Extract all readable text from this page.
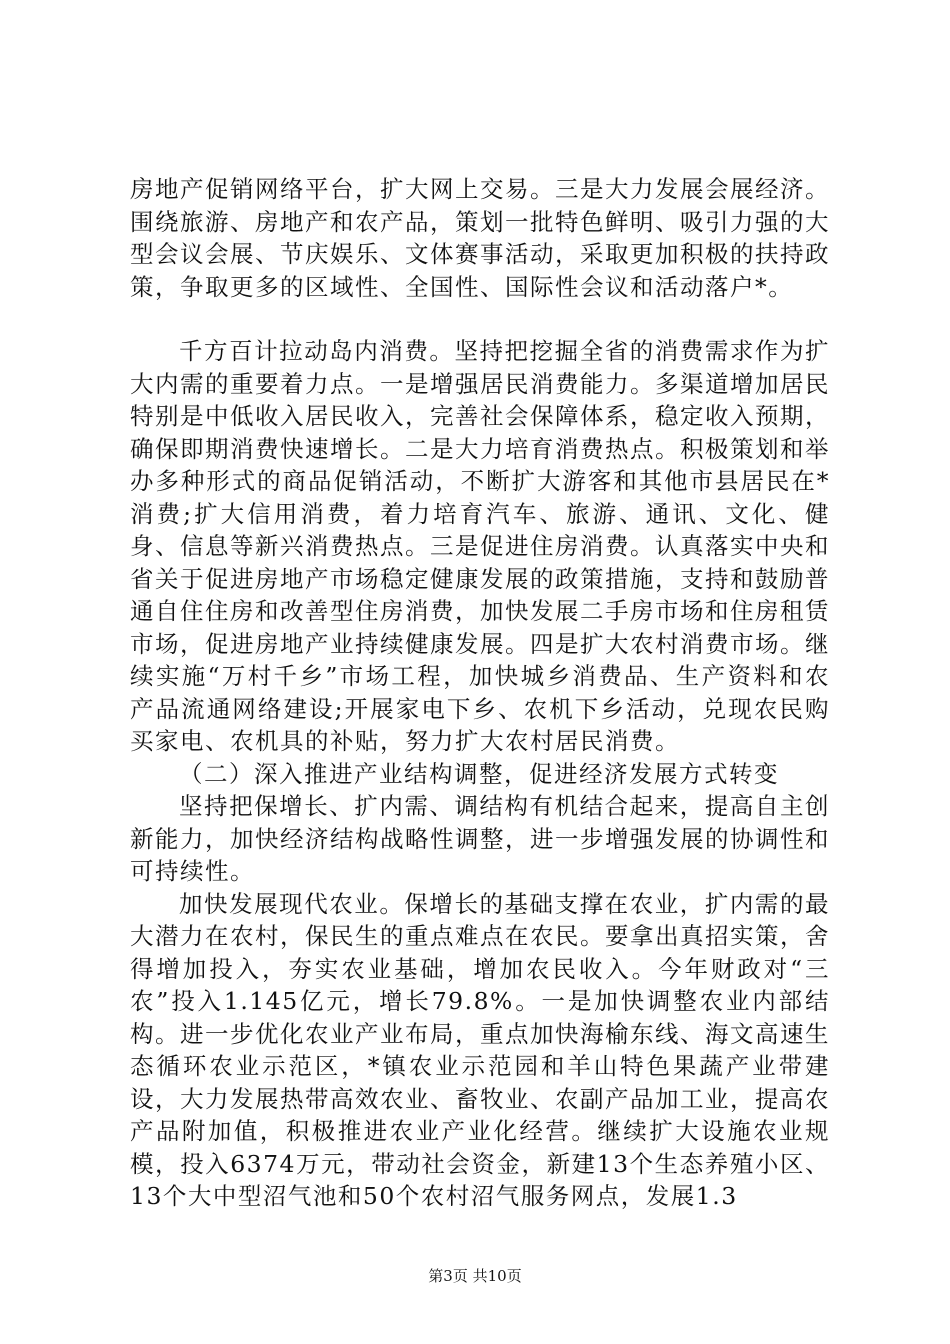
房地产促销网络平台，扩大网上交易。三是大力发展会展经济。围绕旅游、房地产和农产品，策划一批特色鲜明、吸引力强的大型会议会展、节庆娱乐、文体赛事活动，采取更加积极的扶持政策，争取更多的区域性、全国性、国际性会议和活动落户*。

千方百计拉动岛内消费。坚持把挖掘全省的消费需求作为扩大内需的重要着力点。一是增强居民消费能力。多渠道增加居民特别是中低收入居民收入，完善社会保障体系，稳定收入预期，确保即期消费快速增长。二是大力培育消费热点。积极策划和举办多种形式的商品促销活动，不断扩大游客和其他市县居民在*消费;扩大信用消费，着力培育汽车、旅游、通讯、文化、健身、信息等新兴消费热点。三是促进住房消费。认真落实中央和省关于促进房地产市场稳定健康发展的政策措施，支持和鼓励普通自住住房和改善型住房消费，加快发展二手房市场和住房租赁市场，促进房地产业持续健康发展。四是扩大农村消费市场。继续实施“万村千乡”市场工程，加快城乡消费品、生产资料和农产品流通网络建设;开展家电下乡、农机下乡活动，兑现农民购买家电、农机具的补贴，努力扩大农村居民消费。

（二）深入推进产业结构调整，促进经济发展方式转变

坚持把保增长、扩内需、调结构有机结合起来，提高自主创新能力，加快经济结构战略性调整，进一步增强发展的协调性和可持续性。

加快发展现代农业。保增长的基础支撑在农业，扩内需的最大潜力在农村，保民生的重点难点在农民。要拿出真招实策，舍得增加投入，夯实农业基础，增加农民收入。今年财政对“三农”投入1.145亿元，增长79.8%。一是加快调整农业内部结构。进一步优化农业产业布局，重点加快海榆东线、海文高速生态循环农业示范区，*镇农业示范园和羊山特色果蔬产业带建设，大力发展热带高效农业、畜牧业、农副产品加工业，提高农产品附加值，积极推进农业产业化经营。继续扩大设施农业规模，投入6374万元，带动社会资金，新建13个生态养殖小区、13个大中型沼气池和50个农村沼气服务网点，发展1.3

第3页 共10页
